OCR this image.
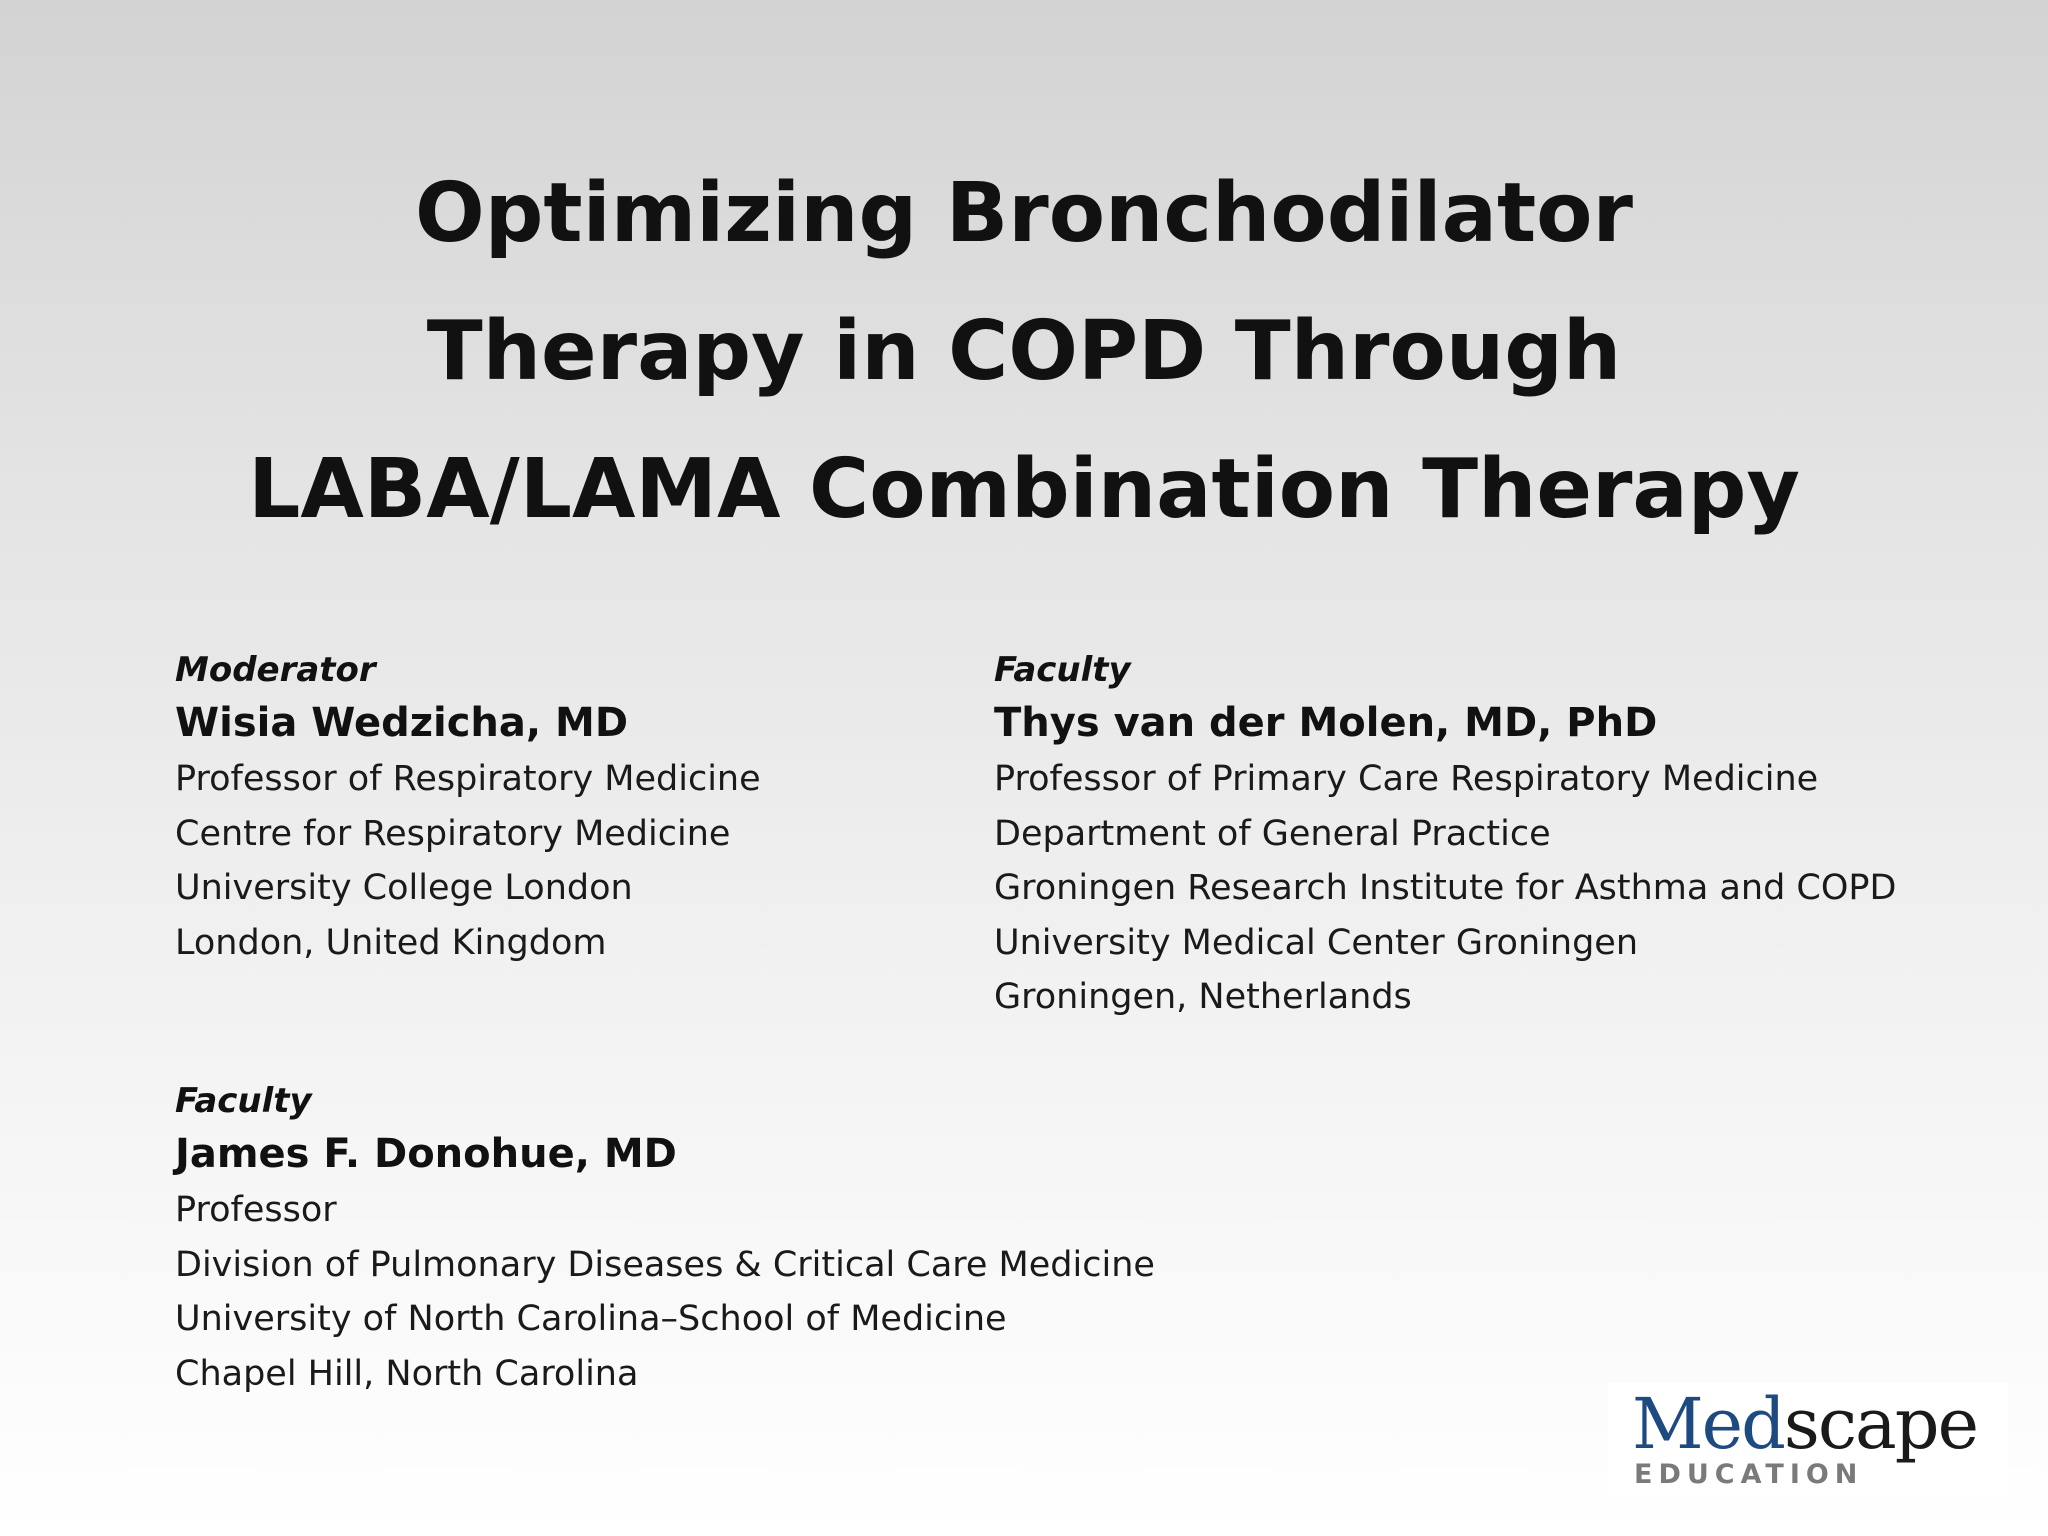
Optimizing Bronchodilator
Therapy in COPD Through
LABA/LAMA Combination Therapy
Moderator
Wisia Wedzicha, MD
Professor of Respiratory Medicine
Centre for Respiratory Medicine
University College London
London, United Kingdom
Faculty
Thys van der Molen, MD, PhD
Professor of Primary Care Respiratory Medicine
Department of General Practice
Groningen Research Institute for Asthma and COPD
University Medical Center Groningen
Groningen, Netherlands
Faculty
James F. Donohue, MD
Professor
Division of Pulmonary Diseases & Critical Care Medicine
University of North Carolina–School of Medicine
Chapel Hill, North Carolina
Medscape
EDUCATION
